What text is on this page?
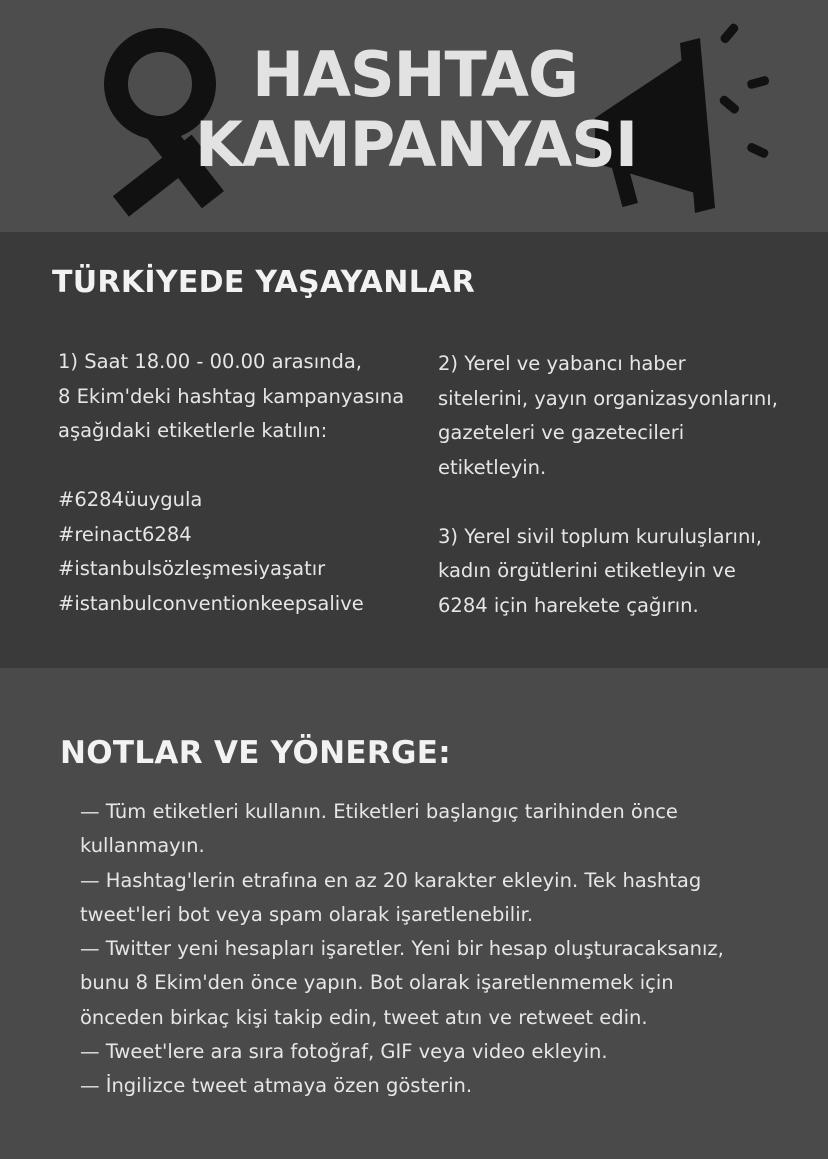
HASHTAG
KAMPANYASI
TÜRKİYEDE YAŞAYANLAR
1) Saat 18.00 - 00.00 arasında,
8 Ekim'deki hashtag kampanyasına
aşağıdaki etiketlerle katılın:
#6284üuygula
#reinact6284
#istanbulsözleşmesiyaşatır
#istanbulconventionkeepsalive
2) Yerel ve yabancı haber
sitelerini, yayın organizasyonlarını,
gazeteleri ve gazetecileri
etiketleyin.
3) Yerel sivil toplum kuruluşlarını,
kadın örgütlerini etiketleyin ve
6284 için harekete çağırın.
NOTLAR VE YÖNERGE:
— Tüm etiketleri kullanın. Etiketleri başlangıç tarihinden önce
kullanmayın.
— Hashtag'lerin etrafına en az 20 karakter ekleyin. Tek hashtag
tweet'leri bot veya spam olarak işaretlenebilir.
— Twitter yeni hesapları işaretler. Yeni bir hesap oluşturacaksanız,
bunu 8 Ekim'den önce yapın. Bot olarak işaretlenmemek için
önceden birkaç kişi takip edin, tweet atın ve retweet edin.
— Tweet'lere ara sıra fotoğraf, GIF veya video ekleyin.
— İngilizce tweet atmaya özen gösterin.
